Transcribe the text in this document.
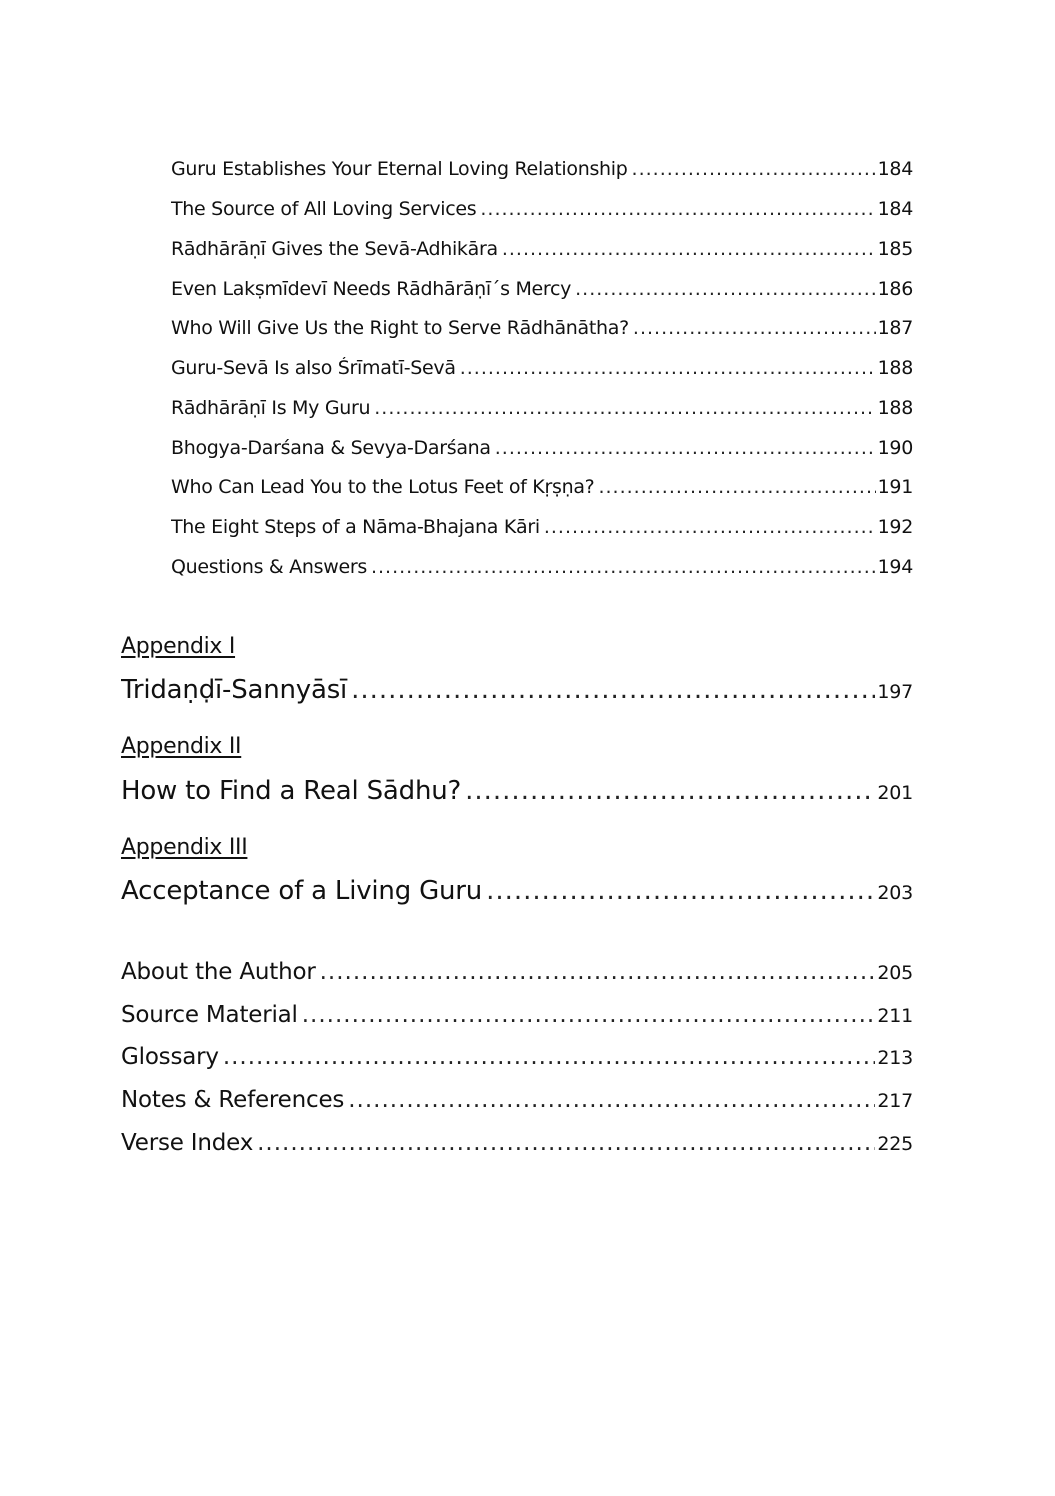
Guru Establishes Your Eternal Loving Relationship .....	184
The Source of All Loving Services .....	184
Rādhārāṇī Gives the Sevā-Adhikāra .....	185
Even Lakṣmīdevī Needs Rādhārāṇī´s Mercy .....	186
Who Will Give Us the Right to Serve Rādhānātha? .....	187
Guru-Sevā Is also Śrīmatī-Sevā .....	188
Rādhārāṇī Is My Guru .....	188
Bhogya-Darśana & Sevya-Darśana .....	190
Who Can Lead You to the Lotus Feet of Kṛṣṇa? .....	191
The Eight Steps of a Nāma-Bhajana Kāri .....	192
Questions & Answers .....	194
Appendix I
Tridaṇḍī-Sannyāsī .....	197
Appendix II
How to Find a Real Sādhu? .....	201
Appendix III
Acceptance of a Living Guru .....	203
About the Author .....	205
Source Material .....	211
Glossary .....	213
Notes & References .....	217
Verse Index .....	225
